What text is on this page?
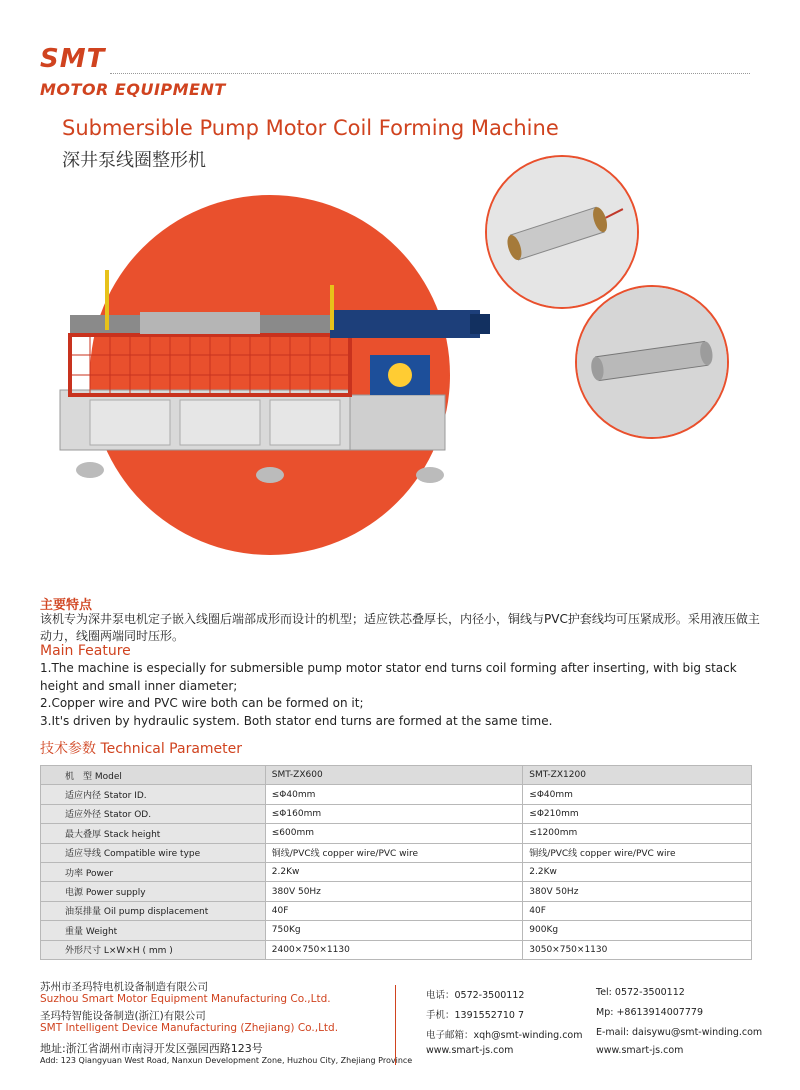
SMT
MOTOR EQUIPMENT
Submersible Pump Motor Coil Forming Machine
深井泵线圈整形机
主要特点
该机专为深井泵电机定子嵌入线圈后端部成形而设计的机型；适应铁芯叠厚长，内径小，铜线与PVC护套线均可压紧成形。采用液压做主动力，线圈两端同时压形。
Main Feature
1.The machine is especially for submersible pump motor stator end turns coil forming after inserting, with big stack height and small inner diameter;
2.Copper wire and PVC wire both can be formed on it;
3.It's driven by hydraulic system. Both stator end turns are formed at the same time.
技术参数 Technical Parameter
机　型 Model	SMT-ZX600	SMT-ZX1200
适应内径 Stator ID.	≤Φ40mm	≤Φ40mm
适应外径 Stator OD.	≤Φ160mm	≤Φ210mm
最大叠厚 Stack height	≤600mm	≤1200mm
适应导线 Compatible wire type	铜线/PVC线 copper wire/PVC wire	铜线/PVC线 copper wire/PVC wire
功率 Power	2.2Kw	2.2Kw
电源 Power supply	380V 50Hz	380V 50Hz
油泵排量 Oil pump displacement	40F	40F
重量 Weight	750Kg	900Kg
外形尺寸 L×W×H ( mm )	2400×750×1130	3050×750×1130
苏州市圣玛特电机设备制造有限公司
Suzhou Smart Motor Equipment Manufacturing Co.,Ltd.
圣玛特智能设备制造(浙江)有限公司
SMT Intelligent Device Manufacturing (Zhejiang) Co.,Ltd.
地址:浙江省湖州市南浔开发区强园西路123号
Add: 123 Qiangyuan West Road, Nanxun Development Zone, Huzhou City, Zhejiang Province
电话：0572-3500112
手机：1391552710 7
电子邮箱：xqh@smt-winding.com
www.smart-js.com
Tel: 0572-3500112
Mp: +8613914007779
E-mail: daisywu@smt-winding.com
www.smart-js.com
